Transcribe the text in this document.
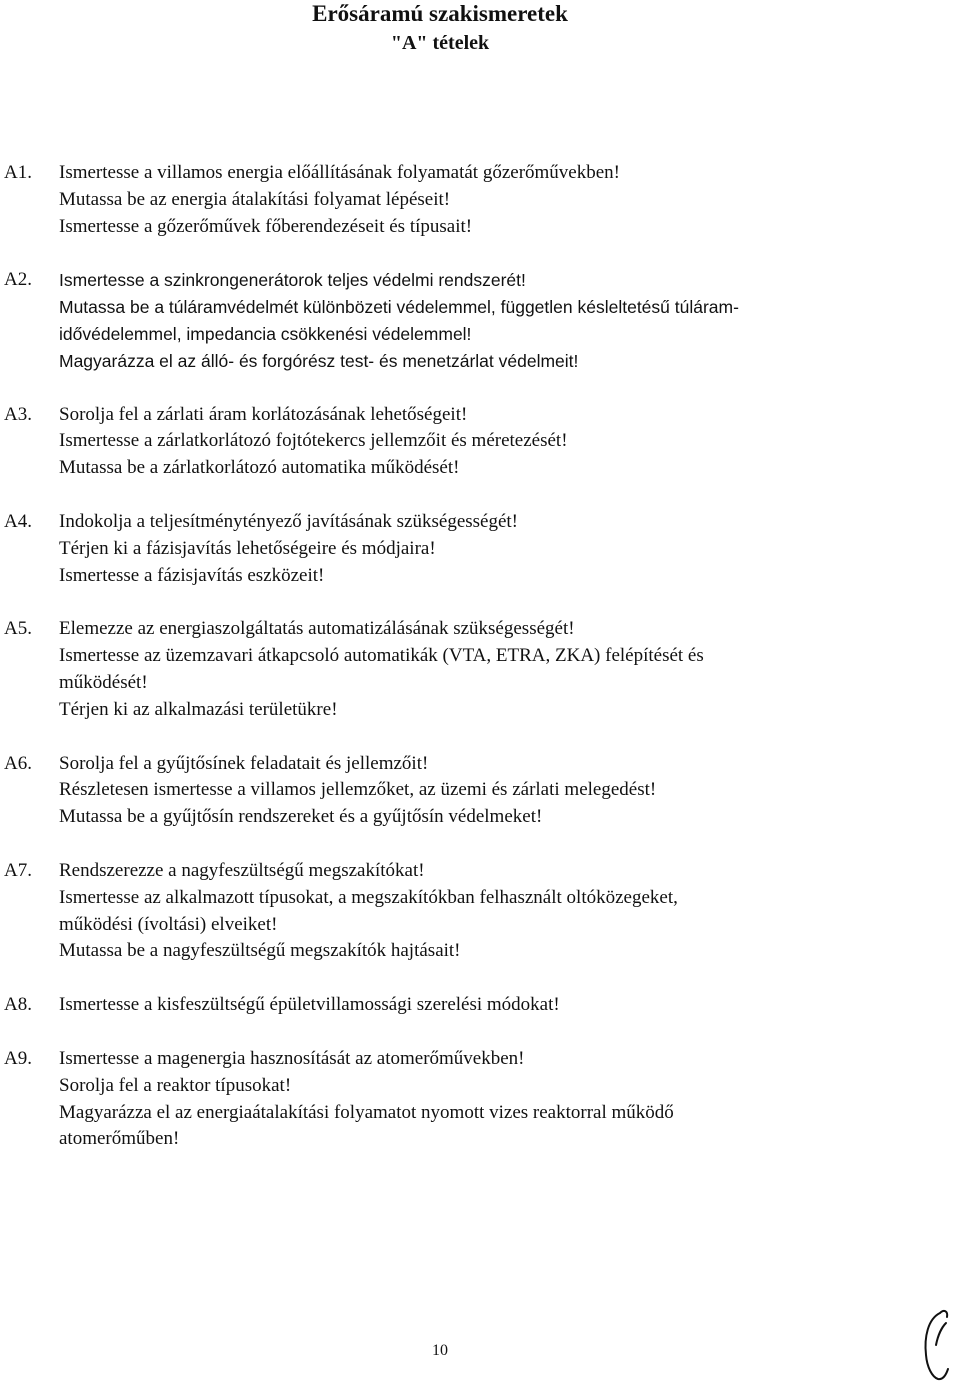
Erősáramú szakismeretek
"A" tételek
A1. Ismertesse a villamos energia előállításának folyamatát gőzerőművekben!
Mutassa be az energia átalakítási folyamat lépéseit!
Ismertesse a gőzerőművek főberendezéseit és típusait!
A2. Ismertesse a szinkrongenerátorok teljes védelmi rendszerét!
Mutassa be a túláramvédelmét különbözeti védelemmel, független késleltetésű túláram-
idővédelemmel, impedancia csökkenési védelemmel!
Magyarázza el az álló- és forgórész test- és menetzárlat védelmeit!
A3. Sorolja fel a zárlati áram korlátozásának lehetőségeit!
Ismertesse a zárlatkorlátozó fojtótekercs jellemzőit és méretezését!
Mutassa be a zárlatkorlátozó automatika működését!
A4. Indokolja a teljesítménytényező javításának szükségességét!
Térjen ki a fázisjavítás lehetőségeire és módjaira!
Ismertesse a fázisjavítás eszközeit!
A5. Elemezze az energiaszolgáltatás automatizálásának szükségességét!
Ismertesse az üzemzavari átkapcsoló automatikák (VTA, ETRA, ZKA) felépítését és
működését!
Térjen ki az alkalmazási területükre!
A6. Sorolja fel a gyűjtősínek feladatait és jellemzőit!
Részletesen ismertesse a villamos jellemzőket, az üzemi és zárlati melegedést!
Mutassa be a gyűjtősín rendszereket és a gyűjtősín védelmeket!
A7. Rendszerezze a nagyfeszültségű megszakítókat!
Ismertesse az alkalmazott típusokat, a megszakítókban felhasznált oltóközegeket,
működési (ívoltási) elveiket!
Mutassa be a nagyfeszültségű megszakítók hajtásait!
A8. Ismertesse a kisfeszültségű épületvillamossági szerelési módokat!
A9. Ismertesse a magenergia hasznosítását az atomerőművekben!
Sorolja fel a reaktor típusokat!
Magyarázza el az energiaátalakítási folyamatot nyomott vizes reaktorral működő
atomerőműben!
10
